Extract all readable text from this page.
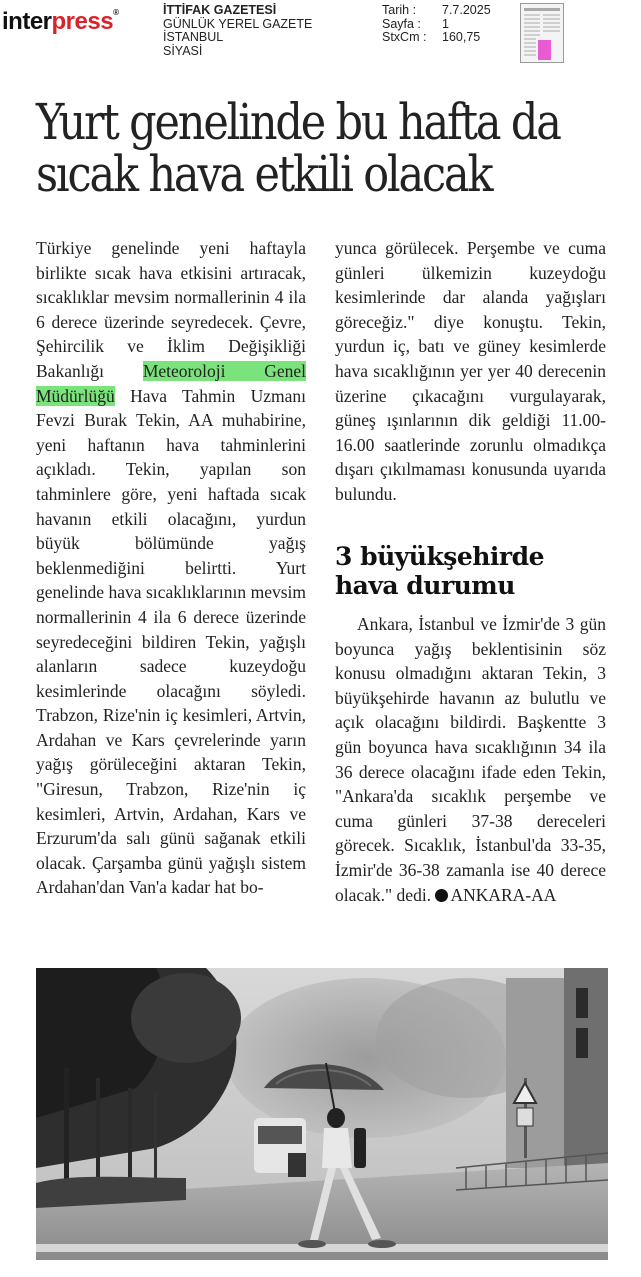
interpress®	İTTİFAK GAZETESİ
GÜNLÜK YEREL GAZETE
İSTANBUL
SİYASİ
Tarih :	7.7.2025
Sayfa :	1
StxCm :	160,75
Yurt genelinde bu hafta da
sıcak hava etkili olacak

Türkiye genelinde yeni haftayla birlikte sıcak hava etkisini artıracak, sıcaklıklar mevsim normallerinin 4 ila 6 derece üzerinde seyredecek. Çevre, Şehircilik ve İklim Değişikliği Bakanlığı Meteoroloji Genel Müdürlüğü Hava Tahmin Uzmanı Fevzi Burak Tekin, AA muhabirine, yeni haftanın hava tahminlerini açıkladı. Tekin, yapılan son tahminlere göre, yeni haftada sıcak havanın etkili olacağını, yurdun büyük bölümünde yağış beklenmediğini belirtti. Yurt genelinde hava sıcaklıklarının mevsim normallerinin 4 ila 6 derece üzerinde seyredeceğini bildiren Tekin, yağışlı alanların sadece kuzeydoğu kesimlerinde olacağını söyledi. Trabzon, Rize'nin iç kesimleri, Artvin, Ardahan ve Kars çevrelerinde yarın yağış görüleceğini aktaran Tekin, "Giresun, Trabzon, Rize'nin iç kesimleri, Artvin, Ardahan, Kars ve Erzurum'da salı günü sağanak etkili olacak. Çarşamba günü yağışlı sistem Ardahan'dan Van'a kadar hat bo-

yunca görülecek. Perşembe ve cuma günleri ülkemizin kuzeydoğu kesimlerinde dar alanda yağışları göreceğiz." diye konuştu. Tekin, yurdun iç, batı ve güney kesimlerde hava sıcaklığının yer yer 40 derecenin üzerine çıkacağını vurgulayarak, güneş ışınlarının dik geldiği 11.00-16.00 saatlerinde zorunlu olmadıkça dışarı çıkılmaması konusunda uyarıda bulundu.

3 büyükşehirde
hava durumu

Ankara, İstanbul ve İzmir'de 3 gün boyunca yağış beklentisinin söz konusu olmadığını aktaran Tekin, 3 büyükşehirde havanın az bulutlu ve açık olacağını bildirdi. Başkentte 3 gün boyunca hava sıcaklığının 34 ila 36 derece olacağını ifade eden Tekin, "Ankara'da sıcaklık perşembe ve cuma günleri 37-38 dereceleri görecek. Sıcaklık, İstanbul'da 33-35, İzmir'de 36-38 zamanla ise 40 derece olacak." dedi. ANKARA-AA
